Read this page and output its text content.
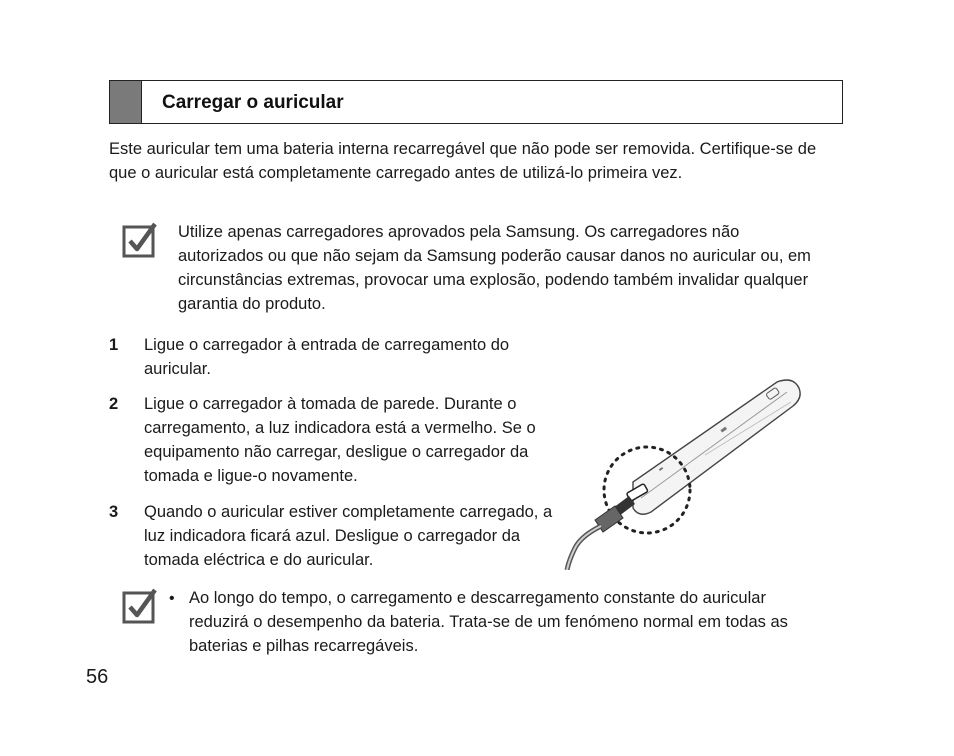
Carregar o auricular
Este auricular tem uma bateria interna recarregável que não pode ser removida. Certifique-se de que o auricular está completamente carregado antes de utilizá-lo primeira vez.
Utilize apenas carregadores aprovados pela Samsung. Os carregadores não autorizados ou que não sejam da Samsung poderão causar danos no auricular ou, em circunstâncias extremas, provocar uma explosão, podendo também invalidar qualquer garantia do produto.
1 Ligue o carregador à entrada de carregamento do auricular.
2 Ligue o carregador à tomada de parede. Durante o carregamento, a luz indicadora está a vermelho. Se o equipamento não carregar, desligue o carregador da tomada e ligue-o novamente.
3 Quando o auricular estiver completamente carregado, a luz indicadora ficará azul. Desligue o carregador da tomada eléctrica e do auricular.
• Ao longo do tempo, o carregamento e descarregamento constante do auricular reduzirá o desempenho da bateria. Trata-se de um fenómeno normal em todas as baterias e pilhas recarregáveis.
56
